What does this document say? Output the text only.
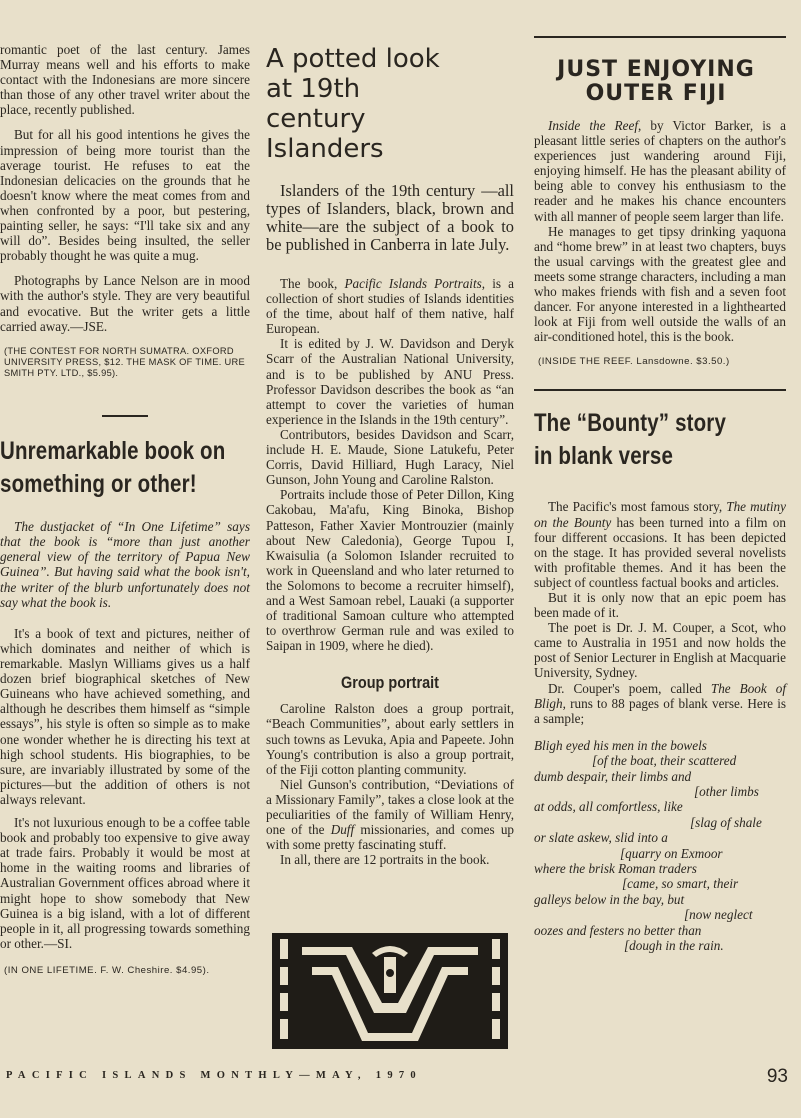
romantic poet of the last century. James Murray means well and his efforts to make contact with the Indonesians are more sincere than those of any other travel writer about the place, recently published.

But for all his good intentions he gives the impression of being more tourist than the average tourist. He refuses to eat the Indonesian delicacies on the grounds that he doesn't know where the meat comes from and when confronted by a poor, but pestering, painting seller, he says: “I'll take six and any will do”. Besides being insulted, the seller probably thought he was quite a mug.

Photographs by Lance Nelson are in mood with the author's style. They are very beautiful and evocative. But the writer gets a little carried away.—JSE.

(THE CONTEST FOR NORTH SUMATRA. OXFORD UNIVERSITY PRESS, $12. THE MASK OF TIME. URE SMITH PTY. LTD., $5.95).
Unremarkable book on something or other!

The dustjacket of “In One Lifetime” says that the book is “more than just another general view of the territory of Papua New Guinea”. But having said what the book isn't, the writer of the blurb unfortunately does not say what the book is.

It's a book of text and pictures, neither of which dominates and neither of which is remarkable. Maslyn Williams gives us a half dozen brief biographical sketches of New Guineans who have achieved something, and although he describes them himself as “simple essays”, his style is often so simple as to make one wonder whether he is directing his text at high school students. His biographies, to be sure, are invariably illustrated by some of the pictures—but the addition of others is not always relevant.

It's not luxurious enough to be a coffee table book and probably too expensive to give away at trade fairs. Probably it would be most at home in the waiting rooms and libraries of Australian Government offices abroad where it might hope to show somebody that New Guinea is a big island, with a lot of different people in it, all progressing towards something or other.—SI.

(IN ONE LIFETIME. F. W. Cheshire. $4.95).
A potted look at 19th century Islanders

Islanders of the 19th century —all types of Islanders, black, brown and white—are the subject of a book to be published in Canberra in late July.

The book, Pacific Islands Portraits, is a collection of short studies of Islands identities of the time, about half of them native, half European.

It is edited by J. W. Davidson and Deryk Scarr of the Australian National University, and is to be published by ANU Press. Professor Davidson describes the book as “an attempt to cover the varieties of human experience in the Islands in the 19th century”.

Contributors, besides Davidson and Scarr, include H. E. Maude, Sione Latukefu, Peter Corris, David Hilliard, Hugh Laracy, Niel Gunson, John Young and Caroline Ralston.

Portraits include those of Peter Dillon, King Cakobau, Ma'afu, King Binoka, Bishop Patteson, Father Xavier Montrouzier (mainly about New Caledonia), George Tupou I, Kwaisulia (a Solomon Islander recruited to work in Queensland and who later returned to the Solomons to become a recruiter himself), and a West Samoan rebel, Lauaki (a supporter of traditional Samoan culture who attempted to overthrow German rule and was exiled to Saipan in 1909, where he died).

Group portrait

Caroline Ralston does a group portrait, “Beach Communities”, about early settlers in such towns as Levuka, Apia and Papeete. John Young's contribution is also a group portrait, of the Fiji cotton planting community.

Niel Gunson's contribution, “Deviations of a Missionary Family”, takes a close look at the peculiarities of the family of William Henry, one of the Duff missionaries, and comes up with some pretty fascinating stuff.

In all, there are 12 portraits in the book.

JUST ENJOYING OUTER FIJI

Inside the Reef, by Victor Barker, is a pleasant little series of chapters on the author's experiences just wandering around Fiji, enjoying himself. He has the pleasant ability of being able to convey his enthusiasm to the reader and he makes his chance encounters with all manner of people seem larger than life.

He manages to get tipsy drinking yaquona and “home brew” in at least two chapters, buys the usual carvings with the greatest glee and meets some strange characters, including a man who makes friends with fish and a seven foot dancer. For anyone interested in a lighthearted look at Fiji from well outside the walls of an air-conditioned hotel, this is the book.

(INSIDE THE REEF. Lansdowne. $3.50.)
The “Bounty” story in blank verse

The Pacific's most famous story, The mutiny on the Bounty has been turned into a film on four different occasions. It has been depicted on the stage. It has provided several novelists with profitable themes. And it has been the subject of countless factual books and articles.

But it is only now that an epic poem has been made of it.

The poet is Dr. J. M. Couper, a Scot, who came to Australia in 1951 and now holds the post of Senior Lecturer in English at Macquarie University, Sydney.

Dr. Couper's poem, called The Book of Bligh, runs to 88 pages of blank verse. Here is a sample;

Bligh eyed his men in the bowels
[of the boat, their scattered
dumb despair, their limbs and
[other limbs
at odds, all comfortless, like
[slag of shale
or slate askew, slid into a
[quarry on Exmoor
where the brisk Roman traders
[came, so smart, their
galleys below in the bay, but
[now neglect
oozes and festers no better than
[dough in the rain.
PACIFIC ISLANDS MONTHLY—MAY, 1970	93
